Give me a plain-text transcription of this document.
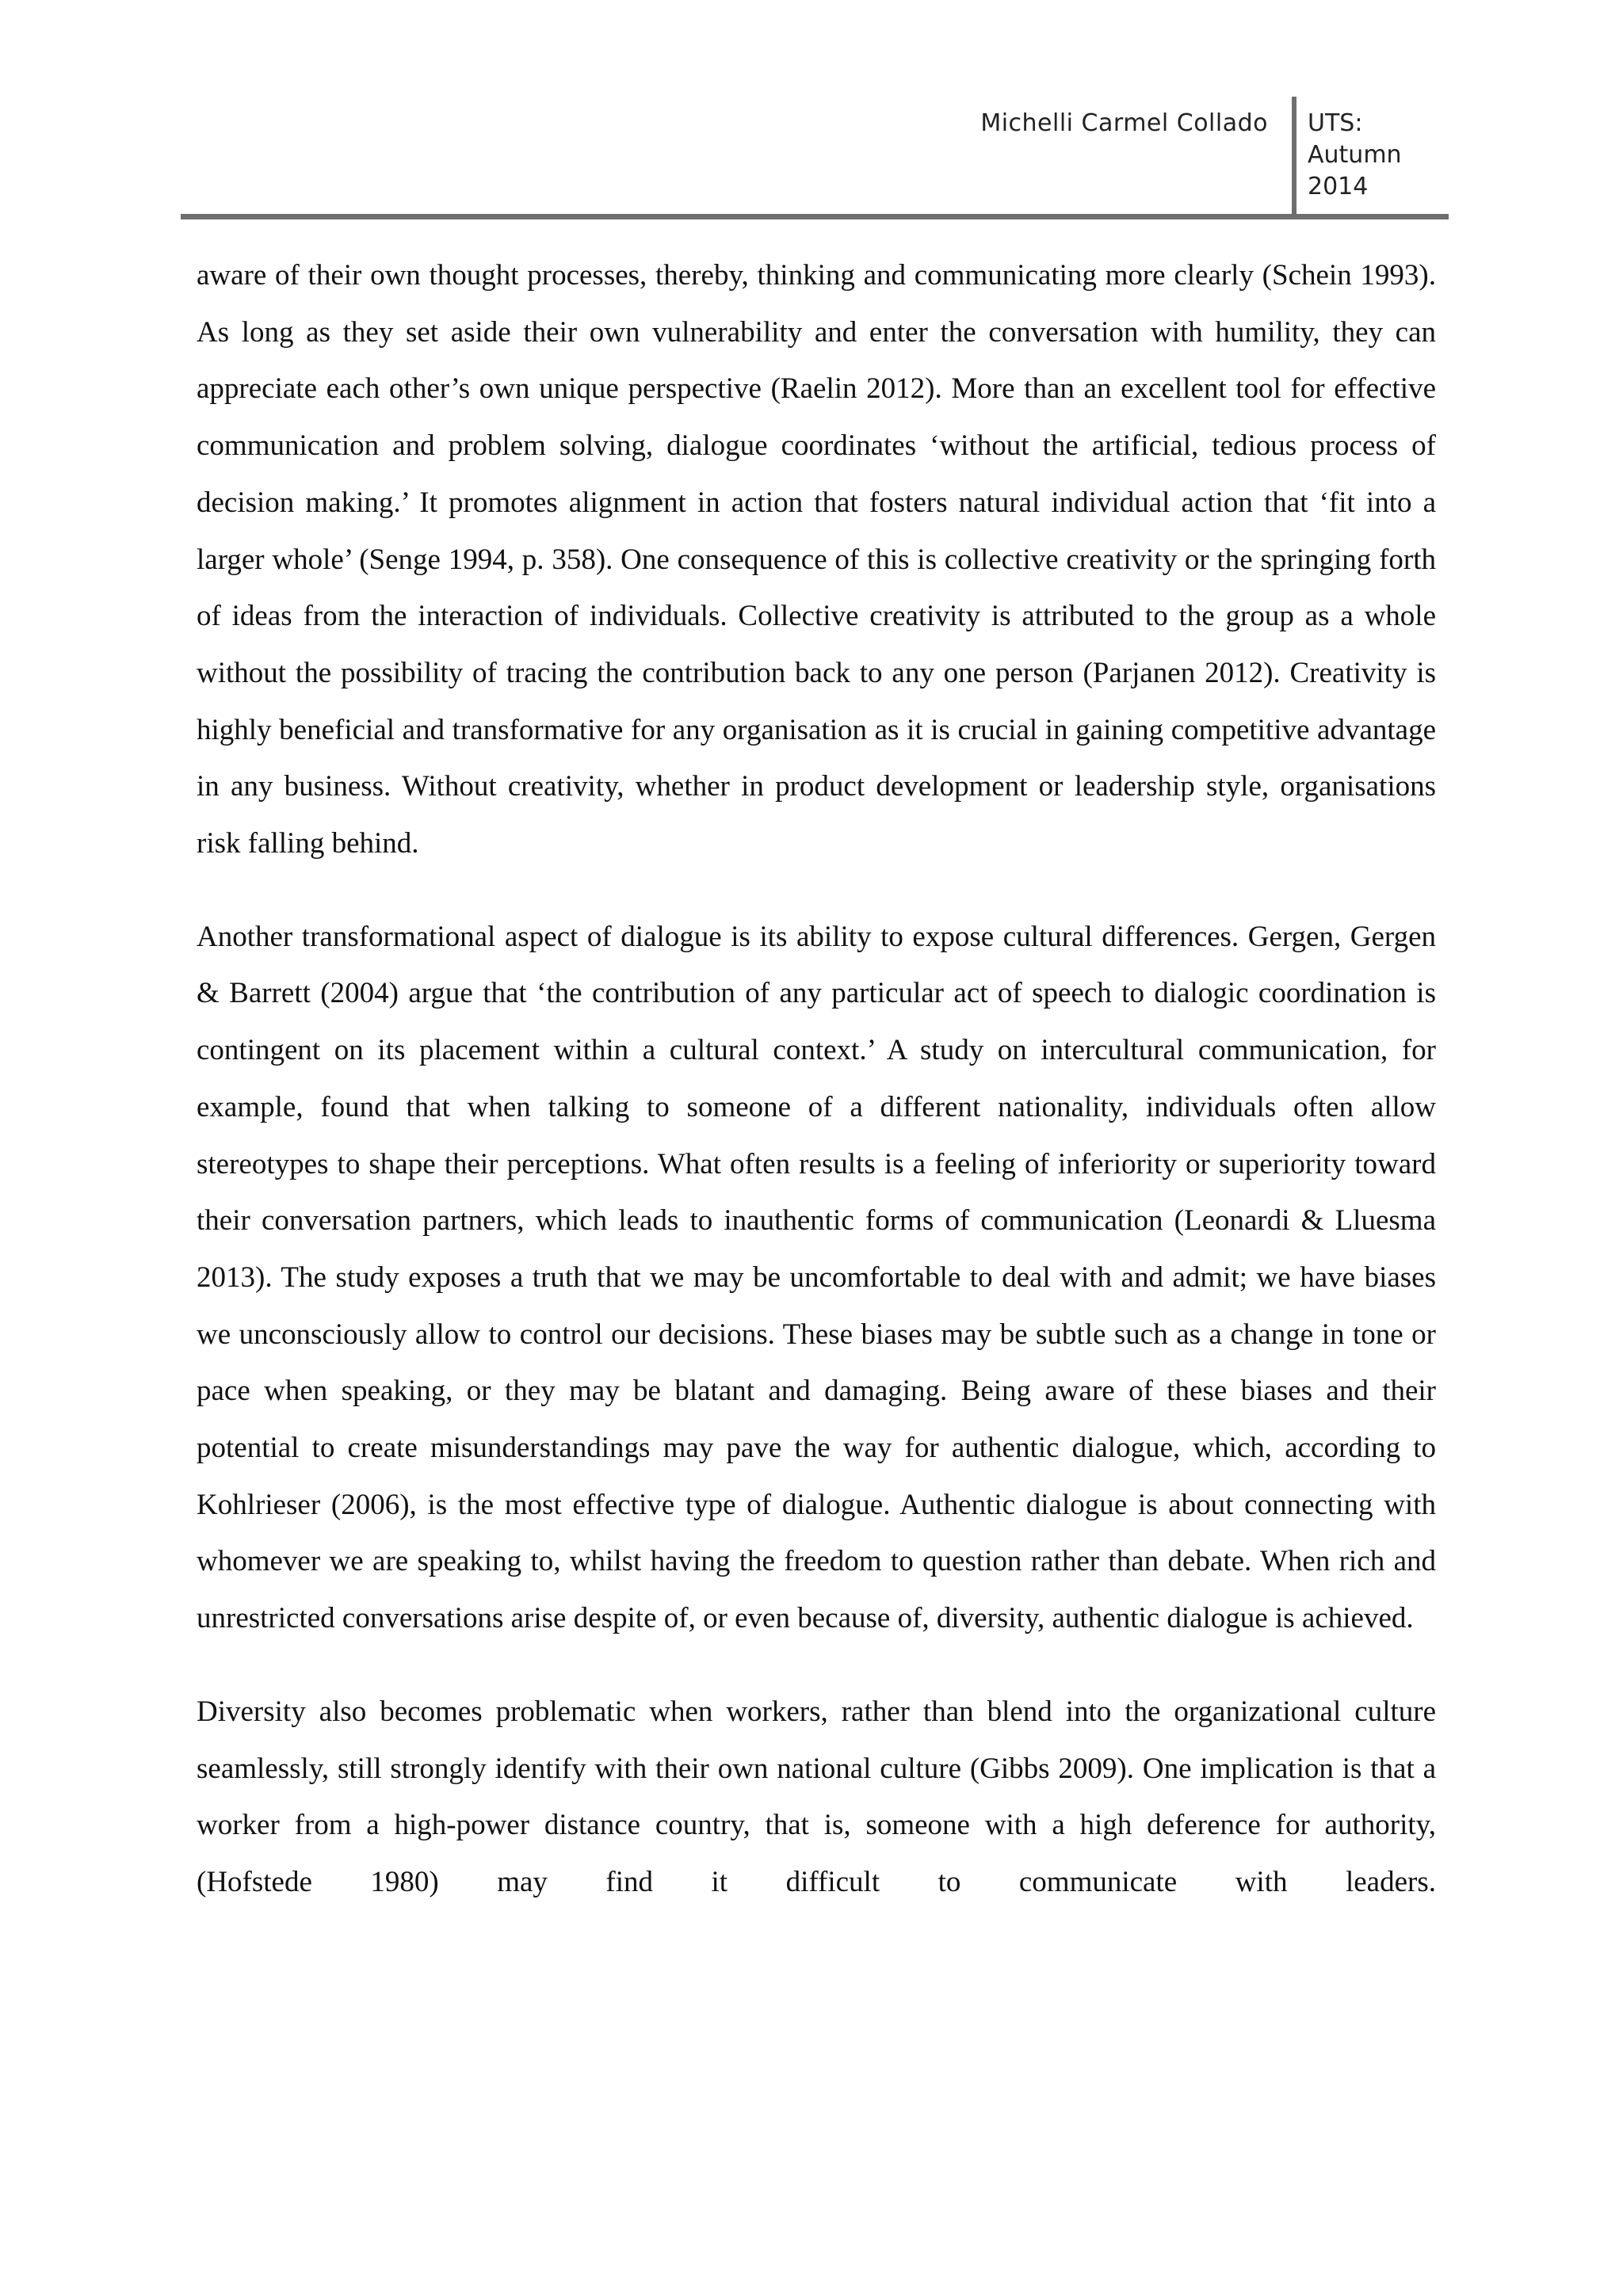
Michelli Carmel Collado UTS:
Autumn
2014

aware of their own thought processes, thereby, thinking and communicating more clearly (Schein 1993). As long as they set aside their own vulnerability and enter the conversation with humility, they can appreciate each other’s own unique perspective (Raelin 2012). More than an excellent tool for effective communication and problem solving, dialogue coordinates ‘without the artificial, tedious process of decision making.’ It promotes alignment in action that fosters natural individual action that ‘fit into a larger whole’ (Senge 1994, p. 358). One consequence of this is collective creativity or the springing forth of ideas from the interaction of individuals. Collective creativity is attributed to the group as a whole without the possibility of tracing the contribution back to any one person (Parjanen 2012). Creativity is highly beneficial and transformative for any organisation as it is crucial in gaining competitive advantage in any business. Without creativity, whether in product development or leadership style, organisations risk falling behind.

Another transformational aspect of dialogue is its ability to expose cultural differences. Gergen, Gergen & Barrett (2004) argue that ‘the contribution of any particular act of speech to dialogic coordination is contingent on its placement within a cultural context.’ A study on intercultural communication, for example, found that when talking to someone of a different nationality, individuals often allow stereotypes to shape their perceptions. What often results is a feeling of inferiority or superiority toward their conversation partners, which leads to inauthentic forms of communication (Leonardi & Lluesma 2013). The study exposes a truth that we may be uncomfortable to deal with and admit; we have biases we unconsciously allow to control our decisions. These biases may be subtle such as a change in tone or pace when speaking, or they may be blatant and damaging. Being aware of these biases and their potential to create misunderstandings may pave the way for authentic dialogue, which, according to Kohlrieser (2006), is the most effective type of dialogue. Authentic dialogue is about connecting with whomever we are speaking to, whilst having the freedom to question rather than debate. When rich and unrestricted conversations arise despite of, or even because of, diversity, authentic dialogue is achieved.

Diversity also becomes problematic when workers, rather than blend into the organizational culture seamlessly, still strongly identify with their own national culture (Gibbs 2009). One implication is that a worker from a high-power distance country, that is, someone with a high deference for authority, (Hofstede 1980) may find it difficult to communicate with leaders.
